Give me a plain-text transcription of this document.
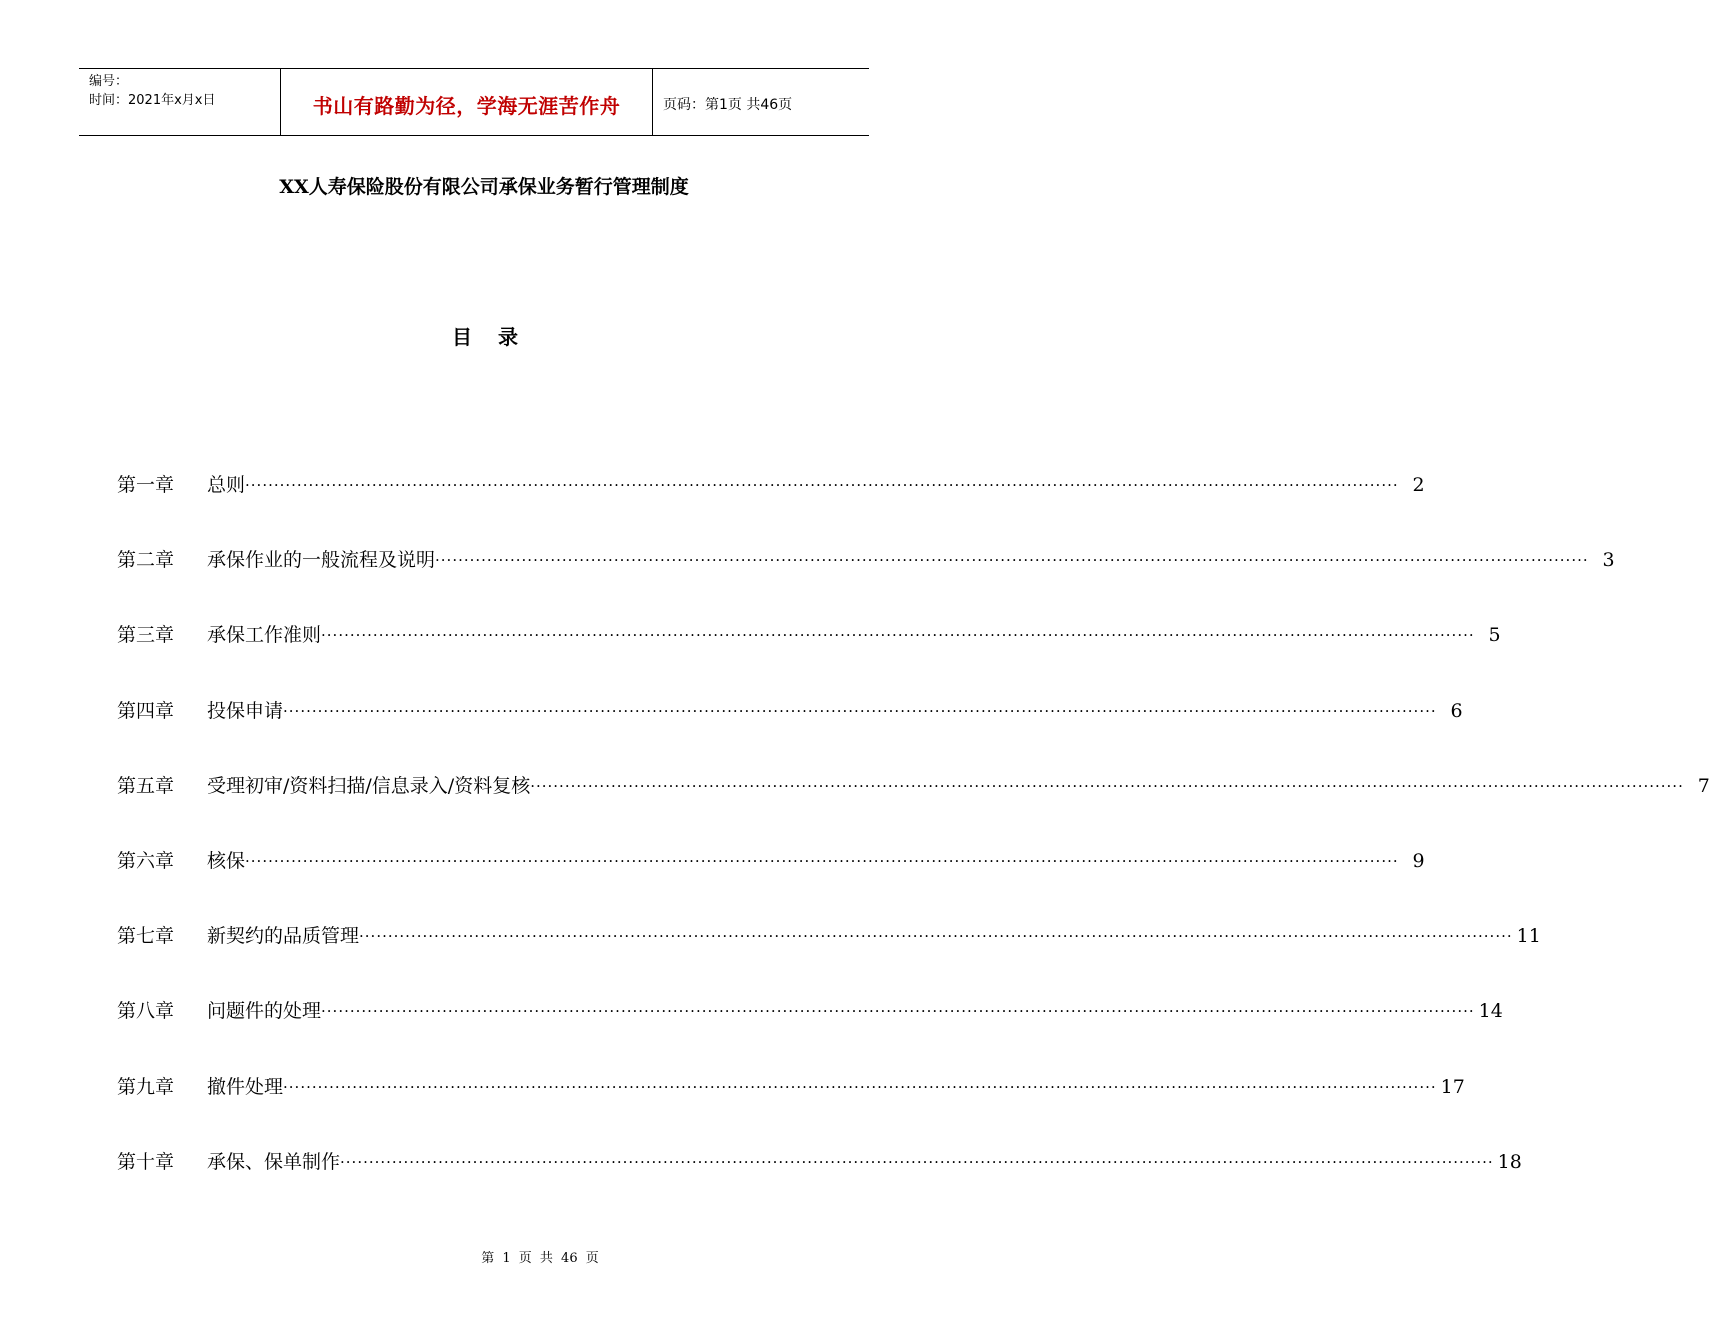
编号：
时间：2021年x月x日	书山有路勤为径，学海无涯苦作舟	页码：第1页 共46页
XX人寿保险股份有限公司承保业务暂行管理制度
目录
第一章	总则 ········································································································································································································ 2
第二章	承保作业的一般流程及说明 ········································································································································································································ 3
第三章	承保工作准则 ········································································································································································································ 5
第四章	投保申请 ········································································································································································································ 6
第五章	受理初审/资料扫描/信息录入/资料复核 ········································································································································································································ 7
第六章	核保 ········································································································································································································ 9
第七章	新契约的品质管理 ········································································································································································································ 11
第八章	问题件的处理 ········································································································································································································ 14
第九章	撤件处理 ········································································································································································································ 17
第十章	承保、保单制作 ········································································································································································································ 18
第 1 页 共 46 页
